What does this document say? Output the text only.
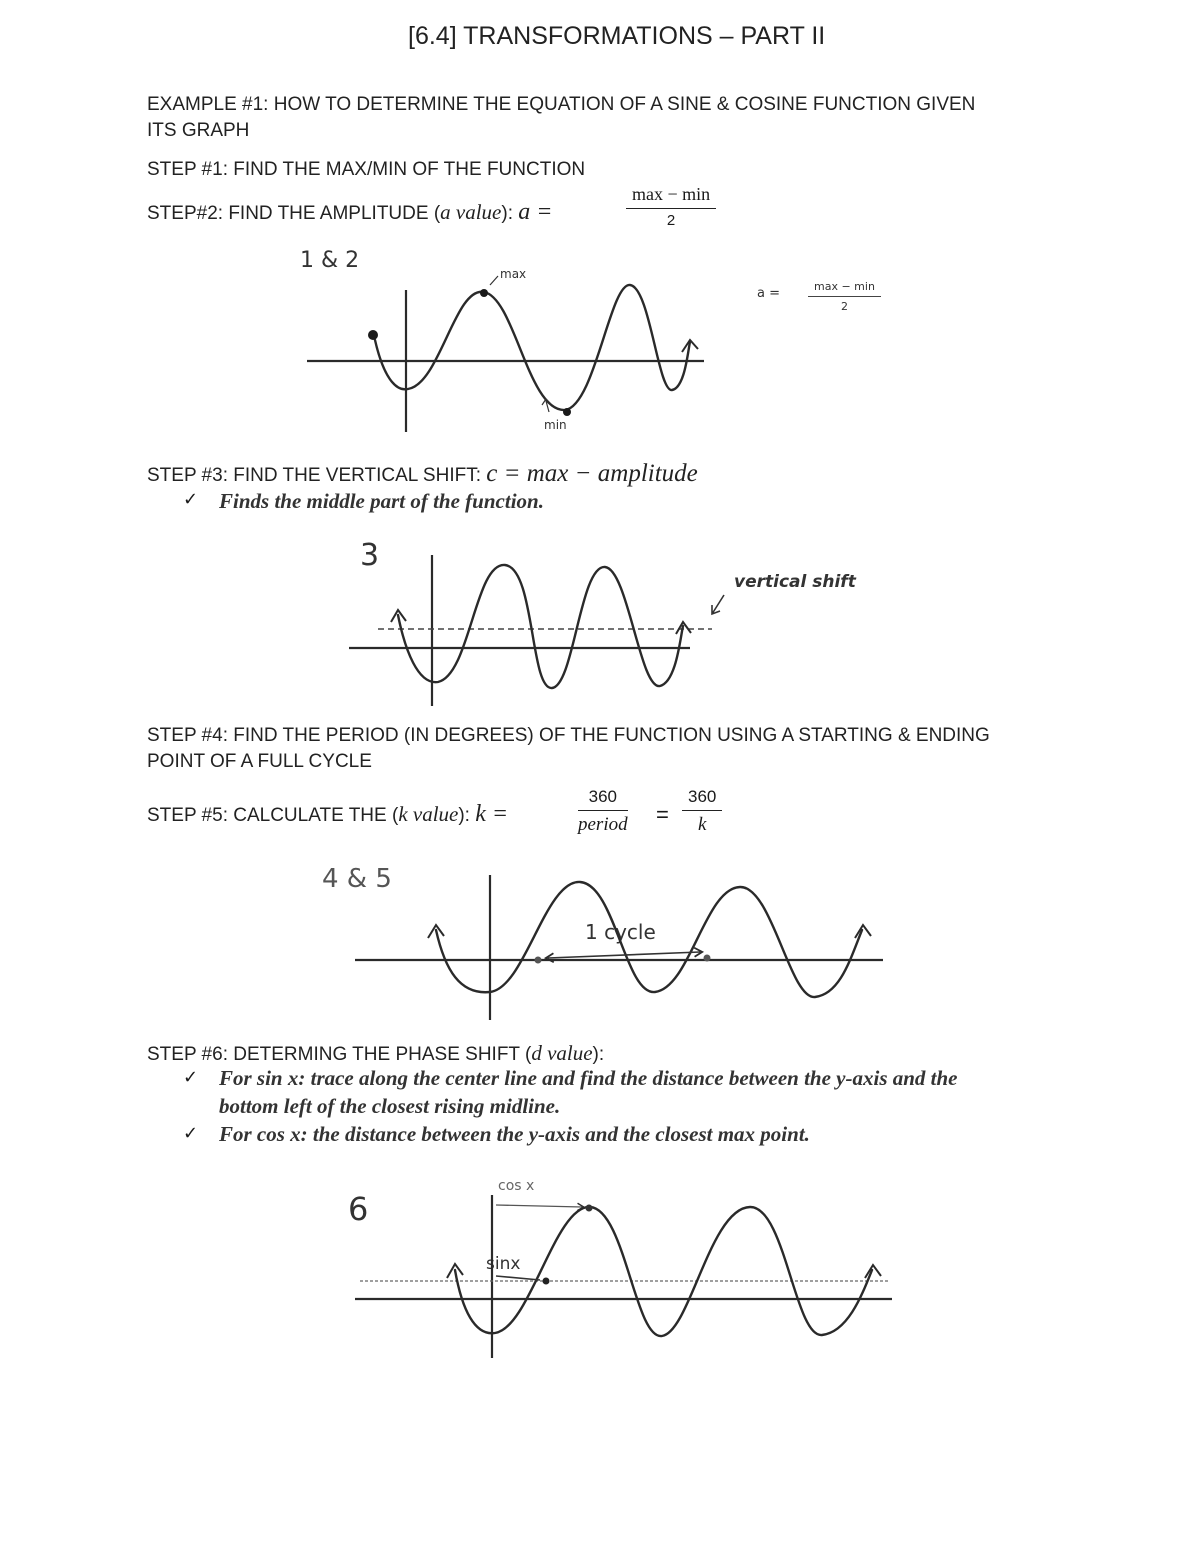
[6.4] TRANSFORMATIONS – PART II
EXAMPLE #1: HOW TO DETERMINE THE EQUATION OF A SINE & COSINE FUNCTION GIVEN
ITS GRAPH
STEP #1: FIND THE MAX/MIN OF THE FUNCTION
STEP#2: FIND THE AMPLITUDE (a value): a =
max − min
2
1 & 2
max
min
a =	max − min
2
STEP #3: FIND THE VERTICAL SHIFT: c = max − amplitude
✓ Finds the middle part of the function.
3
vertical shift
STEP #4: FIND THE PERIOD (IN DEGREES) OF THE FUNCTION USING A STARTING & ENDING
POINT OF A FULL CYCLE
STEP #5: CALCULATE THE (k value): k =
360
period = $\frac{360}{k}$
4 & 5
1 cycle
STEP #6: DETERMING THE PHASE SHIFT (d value):
✓ For sin x: trace along the center line and find the distance between the y-axis and the
bottom left of the closest rising midline.
✓ For cos x: the distance between the y-axis and the closest max point.
6
cos x
sinx
